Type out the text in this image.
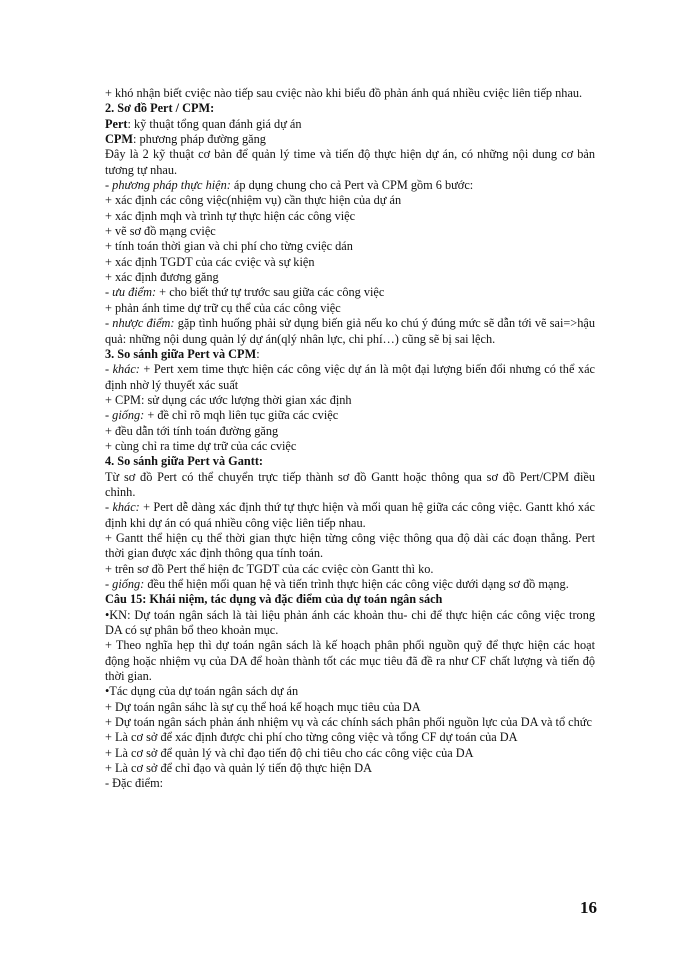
+ khó nhận biết cviệc nào tiếp sau cviệc nào khi biểu đồ phản ánh quá nhiều cviệc liên tiếp nhau.

2. Sơ đồ Pert / CPM:

Pert: kỹ thuật tổng quan đánh giá dự án

CPM: phương pháp đường găng

Đây là 2 kỹ thuật cơ bản để quản lý time và tiến độ thực hiện dự án, có những nội dung cơ bản tương tự nhau.

- phương pháp thực hiện: áp dụng chung cho cả Pert và CPM gồm 6 bước:

+ xác định các công việc(nhiệm vụ) cần thực hiện của dự án

+ xác định mqh và trình tự thực hiện các công việc

+ vẽ sơ đồ mạng cviệc

+ tính toán thời gian và chi phí cho từng cviệc dán

+ xác định TGDT của các cviệc và sự kiện

+ xác định đương găng

- ưu điểm: + cho biết thứ tự trước sau giữa các công việc

+ phản ánh time dự trữ cụ thể của các công việc

- nhược điểm: gặp tình huống phải sử dụng biến giả nếu ko chú ý đúng mức sẽ dẫn tới vẽ sai=>hậu quả: những nội dung quản lý dự án(qlý nhân lực, chi phí…) cũng sẽ bị sai lệch.

3. So sánh giữa Pert và CPM:

- khác: + Pert xem time thực hiện các công việc dự án là một đại lượng biến đổi nhưng có thể xác định nhờ lý thuyết xác suất

+ CPM: sử dụng các ước lượng thời gian xác định

- giống: + đề chỉ rõ mqh liên tục giữa các cviệc

+ đều dẫn tới tính toán đường găng

+ cùng chỉ ra time dự trữ của các cviệc

4. So sánh giữa Pert và Gantt:

Từ sơ đồ Pert có thể chuyển trực tiếp thành sơ đồ Gantt hoặc thông qua sơ đồ Pert/CPM điều chỉnh.

- khác: + Pert dễ dàng xác định thứ tự thực hiện và mối quan hệ giữa các công việc. Gantt khó xác định khi dự án có quá nhiều công việc liên tiếp nhau.

+ Gantt thể hiện cụ thể thời gian thực hiện từng công việc thông qua độ dài các đoạn thẳng. Pert thời gian được xác định thông qua tính toán.

+ trên sơ đồ Pert thể hiện đc TGDT của các cviệc còn Gantt thì ko.

- giống: đều thể hiện mối quan hệ và tiến trình thực hiện các công việc dưới dạng sơ đồ mạng.

Câu 15: Khái niệm, tác dụng và đặc điểm của dự toán ngân sách

•KN: Dự toán ngân sách là tài liệu phản ánh các khoản thu- chi để thực hiện các công việc trong DA có sự phân bổ theo khoản mục.

+ Theo nghĩa hẹp thì dự toán ngân sách là kế hoạch phân phối nguồn quỹ để thực hiện các hoạt động hoặc nhiệm vụ của DA để hoàn thành tốt các mục tiêu đã đề ra như CF chất lượng và tiến độ thời gian.

•Tác dụng của dự toán ngân sách dự án

+ Dự toán ngân sáhc là sự cụ thể hoá kế hoạch mục tiêu của DA

+ Dự toán ngân sách phản ánh nhiệm vụ và các chính sách phân phối nguồn lực của DA và tổ chức

+ Là cơ sở để xác định được chi phí cho từng công việc và tổng CF dự toán của DA

+ Là cơ sở để quản lý và chỉ đạo tiến độ chi tiêu cho các công việc của DA

+ Là cơ sở để chỉ đạo và quản lý tiến độ thực hiện DA

- Đặc điểm:

16
